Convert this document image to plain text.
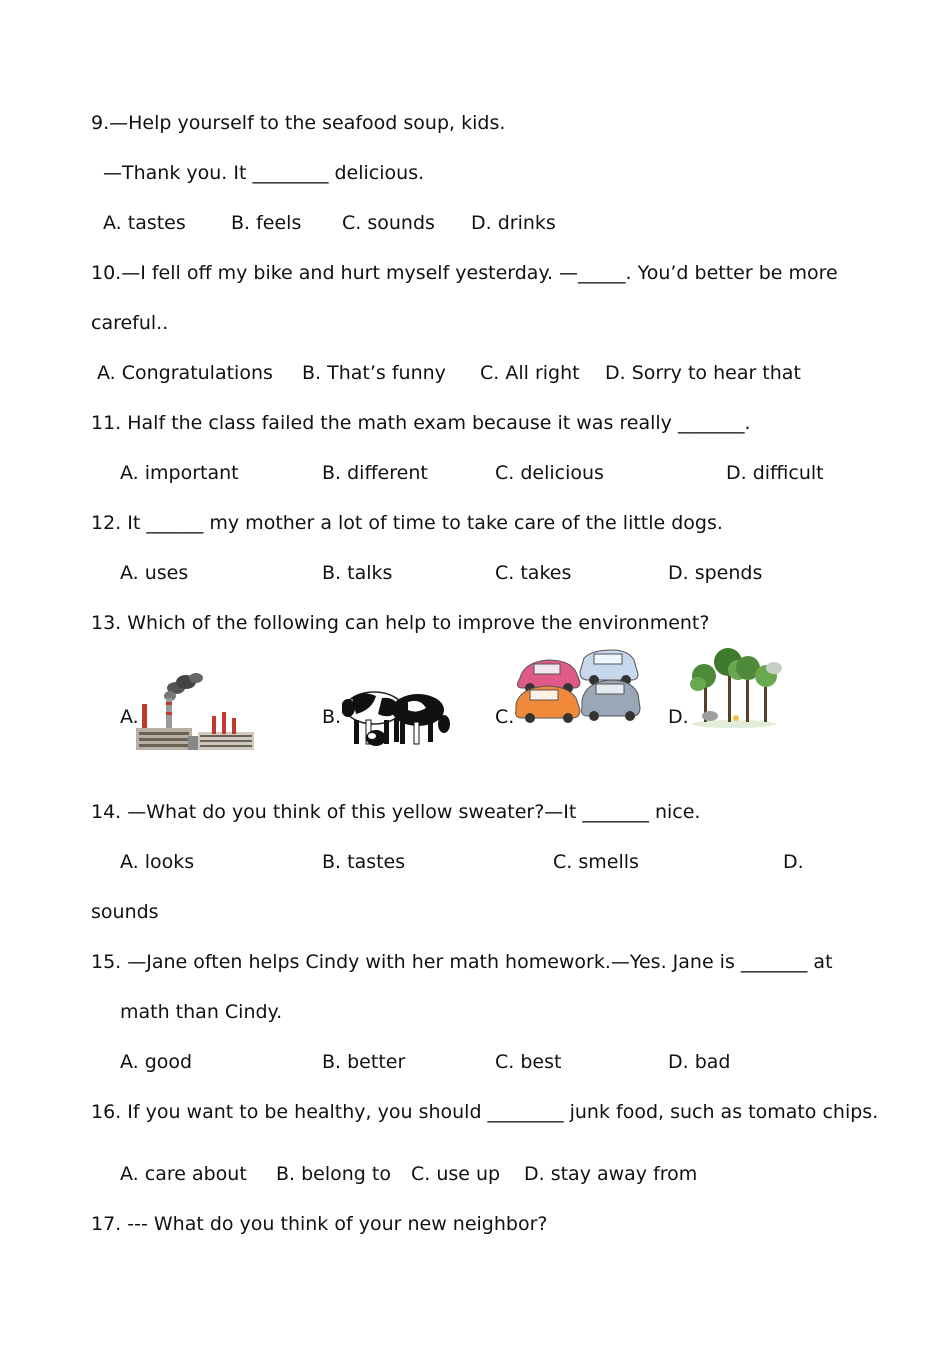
9.—Help yourself to the seafood soup, kids.
—Thank you. It ________ delicious.
A. tastes B. feels C. sounds D. drinks
10.—I fell off my bike and hurt myself yesterday. —_____. You’d better be more
careful..
A. Congratulations B. That’s funny C. All right D. Sorry to hear that
11. Half the class failed the math exam because it was really _______.
A. important	B. different	C. delicious	D. difficult
12. It ______ my mother a lot of time to take care of the little dogs.
A. uses	B. talks	C. takes	D. spends
13. Which of the following can help to improve the environment?
A.	B.	C.	D.
14. —What do you think of this yellow sweater?—It _______ nice.
A. looks	B. tastes	C. smells	D.
sounds
15. —Jane often helps Cindy with her math homework.—Yes. Jane is _______ at
math than Cindy.
A. good	B. better	C. best	D. bad
16. If you want to be healthy, you should ________ junk food, such as tomato chips.
A. care about B. belong to C. use up D. stay away from
17. --- What do you think of your new neighbor?
